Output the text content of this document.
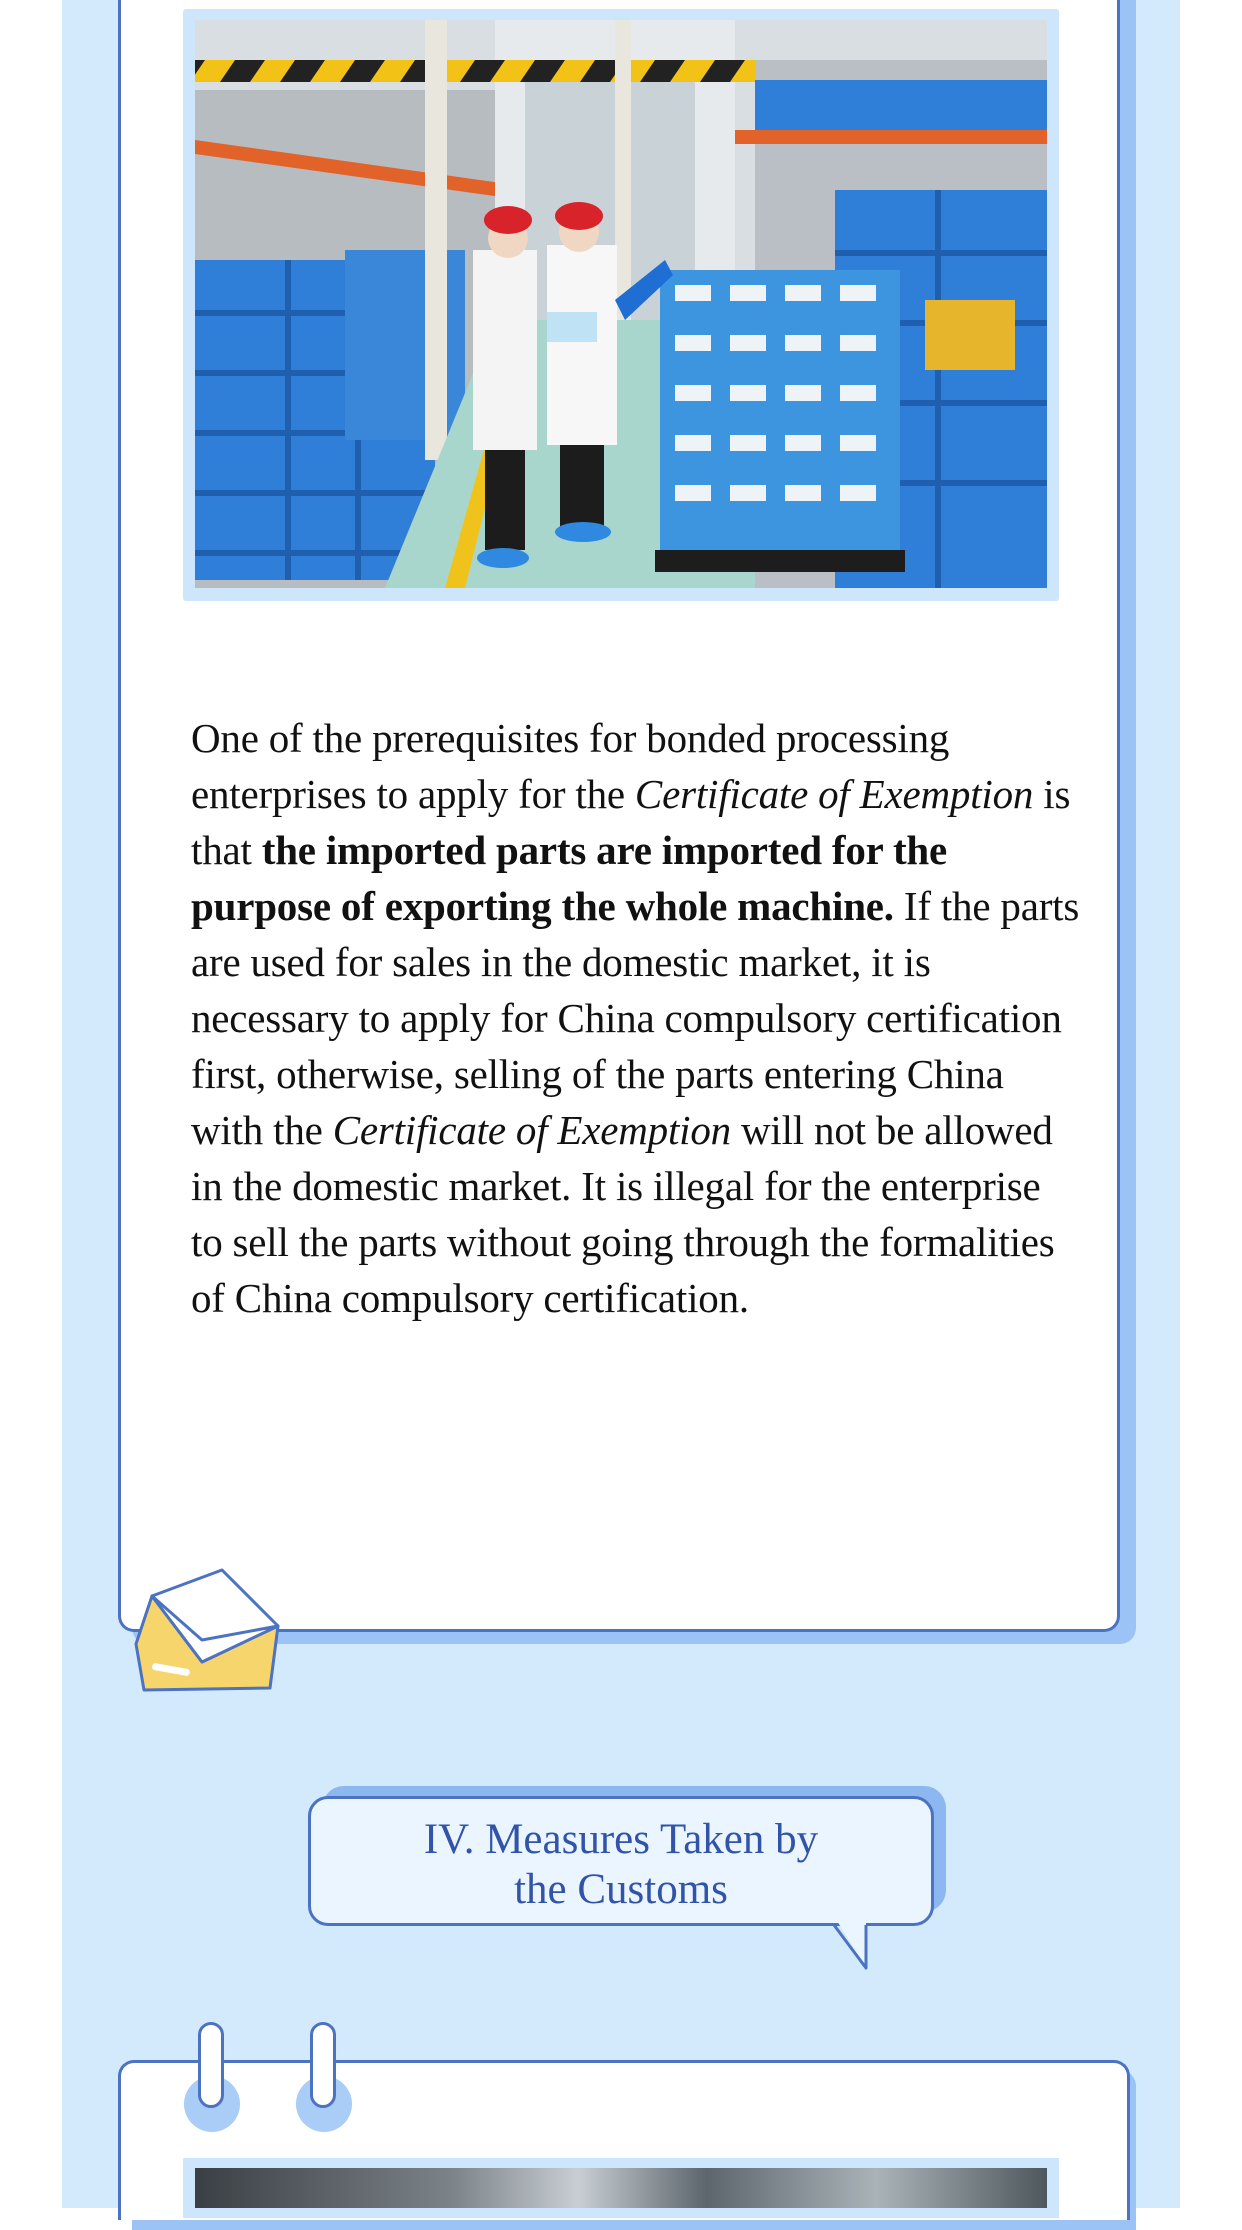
One of the prerequisites for bonded processing enterprises to apply for the Certificate of Exemption is that the imported parts are imported for the purpose of exporting the whole machine. If the parts are used for sales in the domestic market, it is necessary to apply for China compulsory certification first, otherwise, selling of the parts entering China with the Certificate of Exemption will not be allowed in the domestic market. It is illegal for the enterprise to sell the parts without going through the formalities of China compulsory certification.

IV. Measures Taken by
the Customs
